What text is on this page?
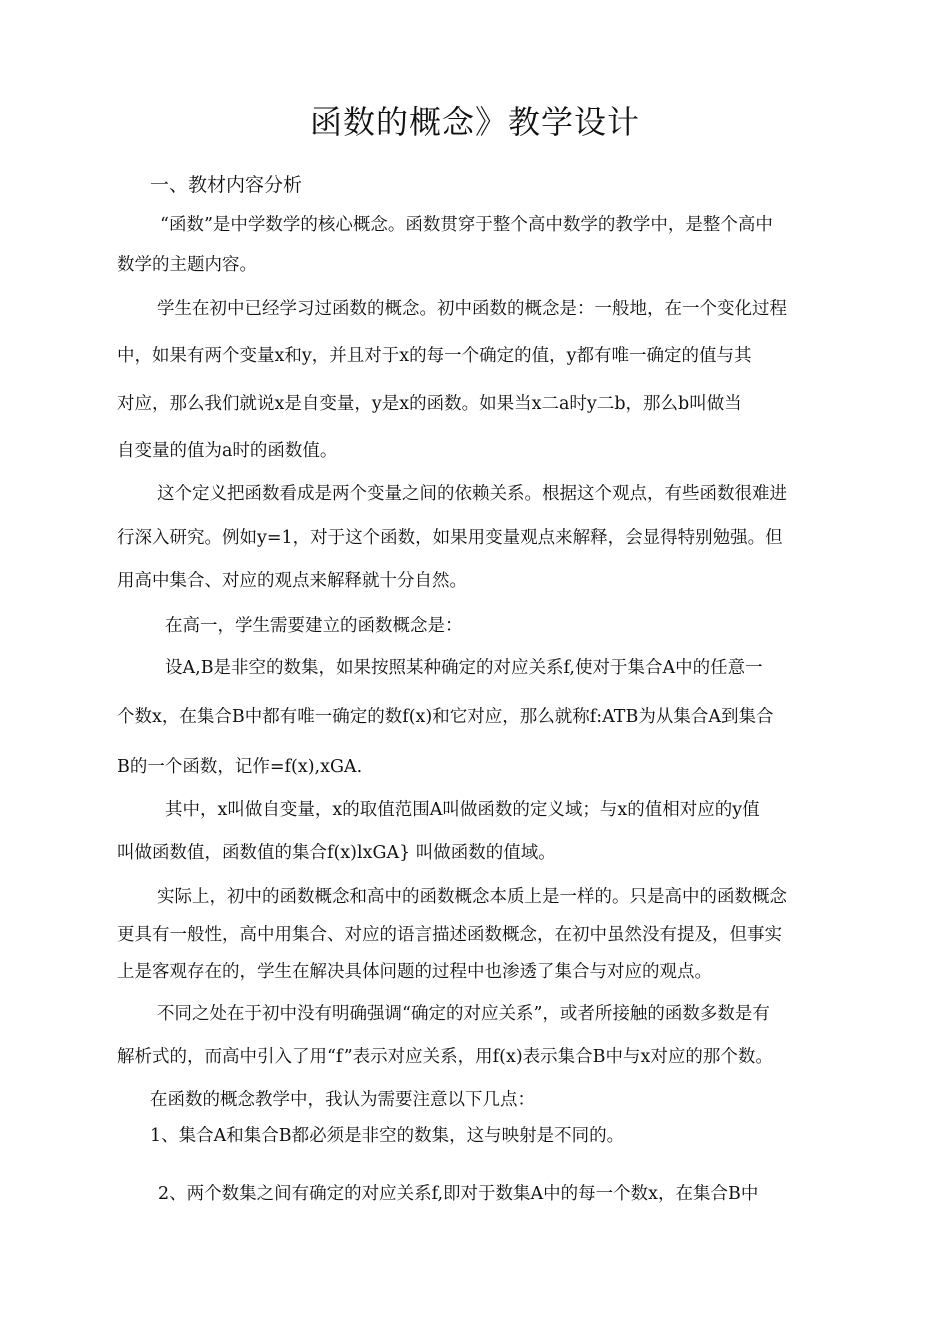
函数的概念》教学设计
一、教材内容分析
“函数”是中学数学的核心概念。函数贯穿于整个高中数学的教学中，是整个高中
数学的主题内容。
学生在初中已经学习过函数的概念。初中函数的概念是：一般地，在一个变化过程
中，如果有两个变量x和y，并且对于x的每一个确定的值，y都有唯一确定的值与其
对应，那么我们就说x是自变量，y是x的函数。如果当x二a时y二b，那么b叫做当
自变量的值为a时的函数值。
这个定义把函数看成是两个变量之间的依赖关系。根据这个观点，有些函数很难进
行深入研究。例如y=1，对于这个函数，如果用变量观点来解释，会显得特别勉强。但
用高中集合、对应的观点来解释就十分自然。
在高一，学生需要建立的函数概念是：
设A,B是非空的数集，如果按照某种确定的对应关系f,使对于集合A中的任意一
个数x，在集合B中都有唯一确定的数f(x)和它对应，那么就称f:ATB为从集合A到集合
B的一个函数，记作=f(x),xGA.
其中，x叫做自变量，x的取值范围A叫做函数的定义域；与x的值相对应的y值
叫做函数值，函数值的集合f(x)lxGA} 叫做函数的值域。
实际上，初中的函数概念和高中的函数概念本质上是一样的。只是高中的函数概念
更具有一般性，高中用集合、对应的语言描述函数概念，在初中虽然没有提及，但事实
上是客观存在的，学生在解决具体问题的过程中也渗透了集合与对应的观点。
不同之处在于初中没有明确强调“确定的对应关系”，或者所接触的函数多数是有
解析式的，而高中引入了用“f”表示对应关系，用f(x)表示集合B中与x对应的那个数。
在函数的概念教学中，我认为需要注意以下几点：
1、集合A和集合B都必须是非空的数集，这与映射是不同的。
2、两个数集之间有确定的对应关系f,即对于数集A中的每一个数x，在集合B中
